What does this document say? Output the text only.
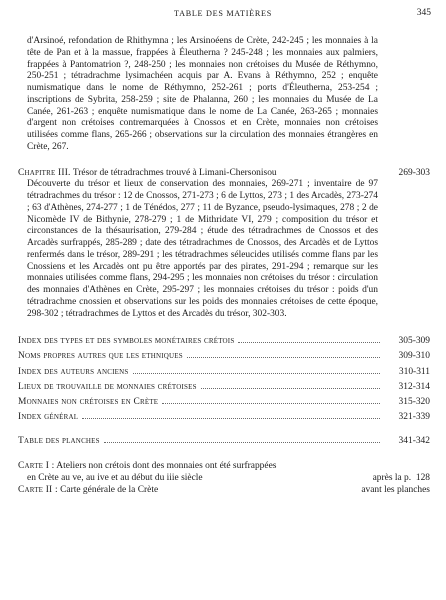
TABLE DES MATIÈRES	345

d'Arsinoé, refondation de Rhithymna ; les Arsinoéens de Crète, 242-245 ; les monnaies à la tête de Pan et à la massue, frappées à Éleutherna ? 245-248 ; les monnaies aux palmiers, frappées à Pantomatrion ?, 248-250 ; les monnaies non crétoises du Musée de Réthymno, 250-251 ; tétradrachme lysimachéen acquis par A. Evans à Réthymno, 252 ; enquête numismatique dans le nome de Réthymno, 252-261 ; ports d'Éleutherna, 253-254 ; inscriptions de Sybrita, 258-259 ; site de Phalanna, 260 ; les monnaies du Musée de La Canée, 261-263 ; enquête numismatique dans le nome de La Canée, 263-265 ; monnaies d'argent non crétoises contremarquées à Cnossos et en Crète, monnaies non crétoises utilisées comme flans, 265-266 ; observations sur la circulation des monnaies étrangères en Crète, 267.

Chapitre III. Trésor de tétradrachmes trouvé à Limani-Chersonisou	269-303

Découverte du trésor et lieux de conservation des monnaies, 269-271 ; inventaire de 97 tétradrachmes du trésor : 12 de Cnossos, 271-273 ; 6 de Lyttos, 273 ; 1 des Arcadès, 273-274 ; 63 d'Athènes, 274-277 ; 1 de Ténédos, 277 ; 11 de Byzance, pseudo-lysimaques, 278 ; 2 de Nicomède IV de Bithynie, 278-279 ; 1 de Mithridate VI, 279 ; composition du trésor et circonstances de la thésaurisation, 279-284 ; étude des tétradrachmes de Cnossos et des Arcadès surfrappés, 285-289 ; date des tétradrachmes de Cnossos, des Arcadès et de Lyttos renfermés dans le trésor, 289-291 ; les tétradrachmes séleucides utilisés comme flans par les Cnossiens et les Arcadès ont pu être apportés par des pirates, 291-294 ; remarque sur les monnaies utilisées comme flans, 294-295 ; les monnaies non crétoises du trésor : circulation des monnaies d'Athènes en Crète, 295-297 ; les monnaies crétoises du trésor : poids d'un tétradrachme cnossien et observations sur les poids des monnaies crétoises de cette époque, 298-302 ; tétradrachmes de Lyttos et des Arcadès du trésor, 302-303.

Index des types et des symboles monétaires crétois	305-309
Noms propres autres que les ethniques	309-310
Index des auteurs anciens	310-311
Lieux de trouvaille de monnaies crétoises	312-314
Monnaies non crétoises en Crète	315-320
Index général	321-339
Table des planches	341-342
Carte I : Ateliers non crétois dont des monnaies ont été surfrappées
en Crète au ve, au ive et au début du iiie siècle	après la p. 128
Carte II : Carte générale de la Crète	avant les planches
